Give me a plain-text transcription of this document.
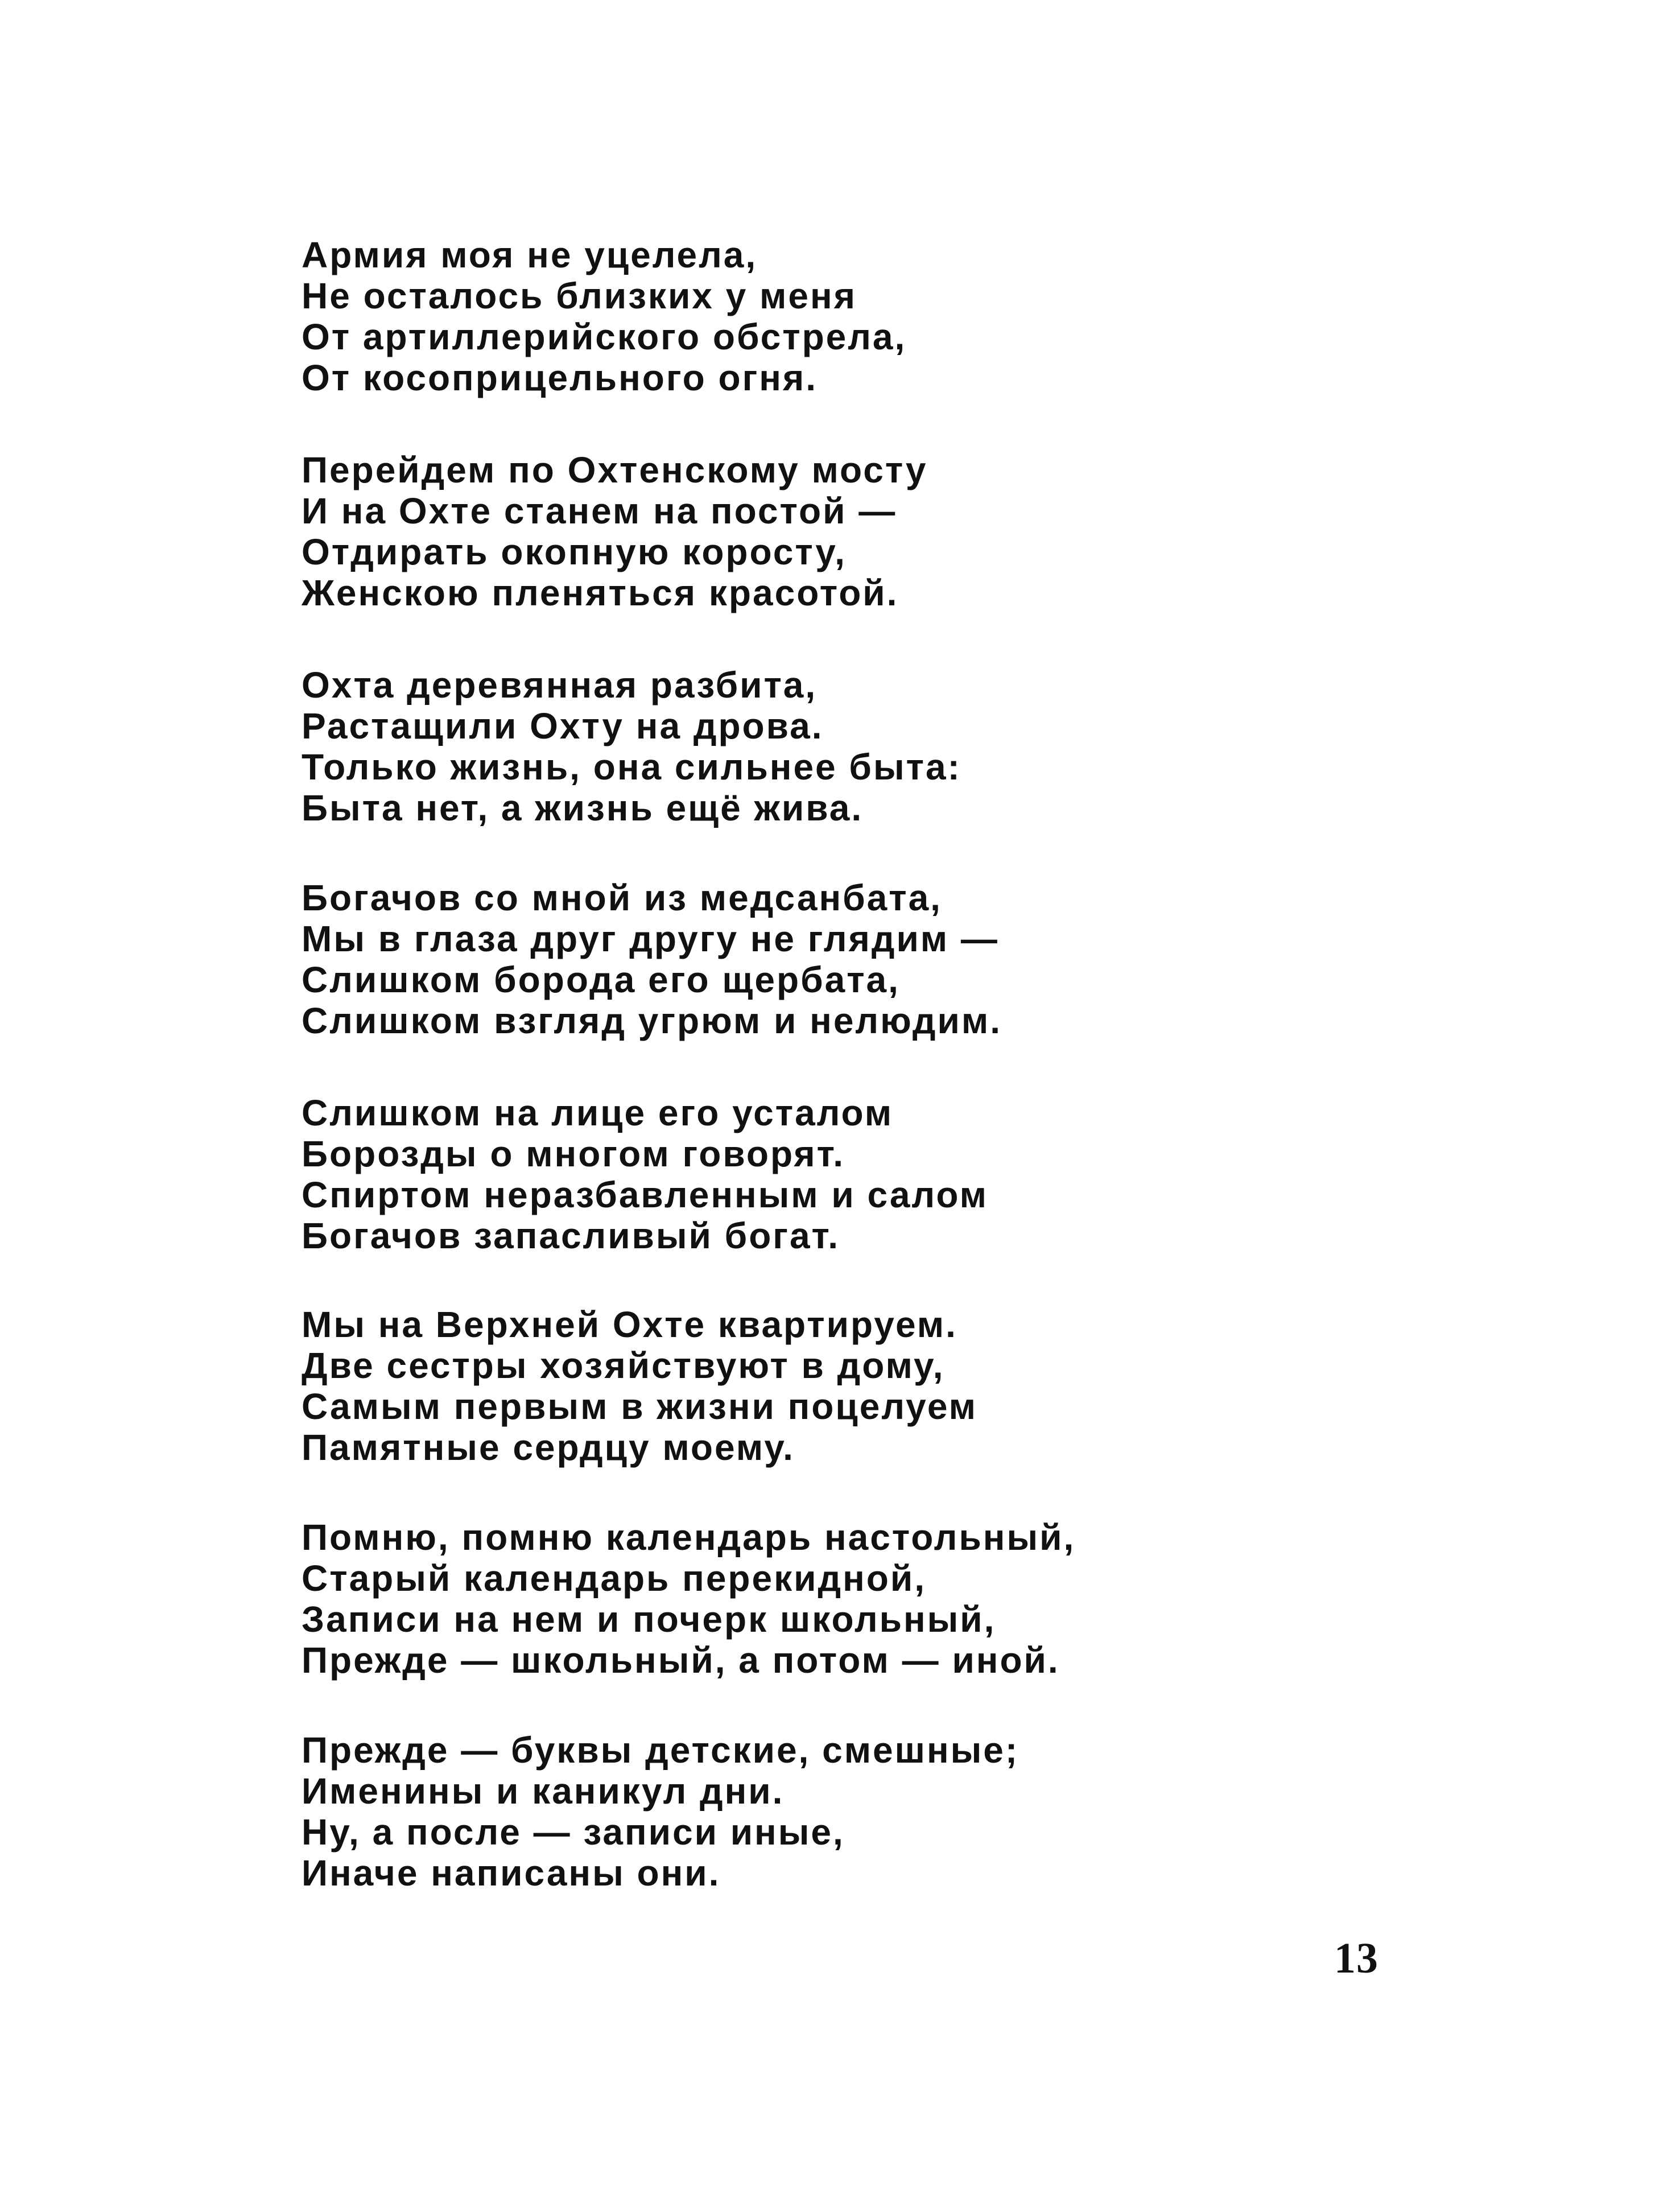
Армия моя не уцелела,
Не осталось близких у меня
От артиллерийского обстрела,
От косоприцельного огня.
Перейдем по Охтенскому мосту
И на Охте станем на постой —
Отдирать окопную коросту,
Женскою пленяться красотой.
Охта деревянная разбита,
Растащили Охту на дрова.
Только жизнь, она сильнее быта:
Быта нет, а жизнь ещё жива.
Богачов со мной из медсанбата,
Мы в глаза друг другу не глядим —
Слишком борода его щербата,
Слишком взгляд угрюм и нелюдим.
Слишком на лице его усталом
Борозды о многом говорят.
Спиртом неразбавленным и салом
Богачов запасливый богат.
Мы на Верхней Охте квартируем.
Две сестры хозяйствуют в дому,
Самым первым в жизни поцелуем
Памятные сердцу моему.
Помню, помню календарь настольный,
Старый календарь перекидной,
Записи на нем и почерк школьный,
Прежде — школьный, а потом — иной.
Прежде — буквы детские, смешные;
Именины и каникул дни.
Ну, а после — записи иные,
Иначе написаны они.
13
